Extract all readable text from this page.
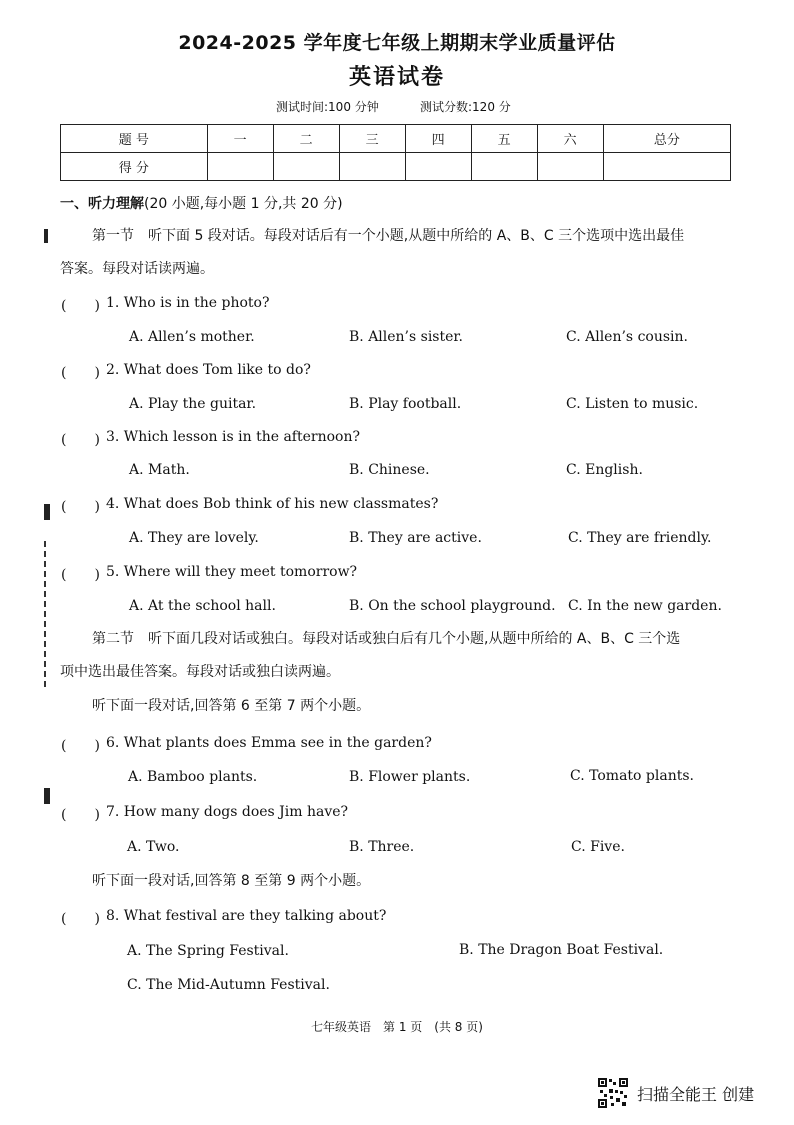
2024-2025 学年度七年级上期期末学业质量评估
英语试卷
测试时间:100 分钟	测试分数:120 分
题 号	一	二	三	四	五	六	总分
得 分							
一、听力理解(20 小题,每小题 1 分,共 20 分)
第一节　听下面 5 段对话。每段对话后有一个小题,从题中所给的 A、B、C 三个选项中选出最佳
答案。每段对话读两遍。
(　　) 1. Who is in the photo?
A. Allen’s mother.	B. Allen’s sister.	C. Allen’s cousin.
(　　) 2. What does Tom like to do?
A. Play the guitar.	B. Play football.	C. Listen to music.
(　　) 3. Which lesson is in the afternoon?
A. Math.	B. Chinese.	C. English.
(　　) 4. What does Bob think of his new classmates?
A. They are lovely.	B. They are active.	C. They are friendly.
(　　) 5. Where will they meet tomorrow?
A. At the school hall.	B. On the school playground. C. In the new garden.
第二节　听下面几段对话或独白。每段对话或独白后有几个小题,从题中所给的 A、B、C 三个选
项中选出最佳答案。每段对话或独白读两遍。
听下面一段对话,回答第 6 至第 7 两个小题。
(　　) 6. What plants does Emma see in the garden?
A. Bamboo plants.	B. Flower plants.	C. Tomato plants.
(　　) 7. How many dogs does Jim have?
A. Two.	B. Three.	C. Five.
听下面一段对话,回答第 8 至第 9 两个小题。
(　　) 8. What festival are they talking about?
A. The Spring Festival.	B. The Dragon Boat Festival.
C. The Mid-Autumn Festival.
七年级英语　第 1 页　(共 8 页)
扫描全能王 创建
